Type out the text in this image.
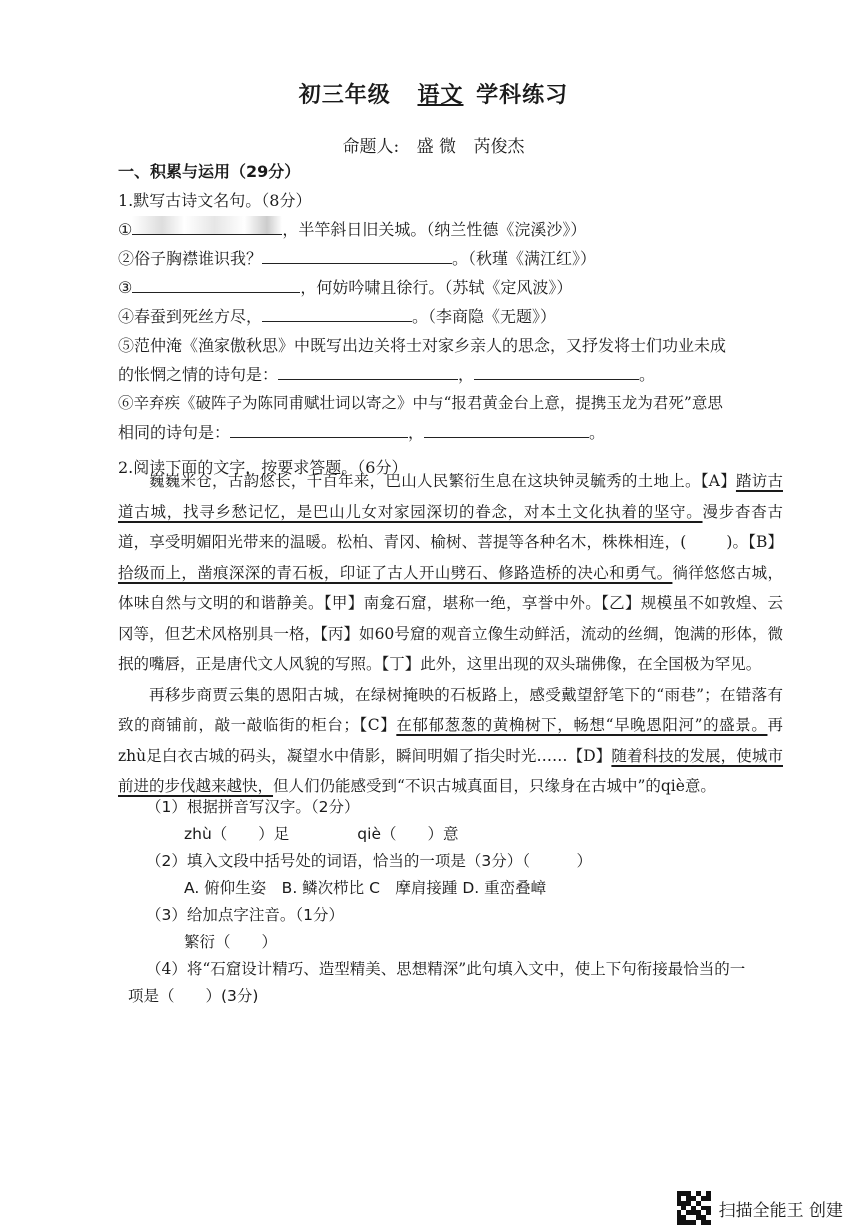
初三年级 语文 学科练习
命题人: 盛 微 芮俊杰
一、积累与运用（29分）
1.默写古诗文名句。（8分）
①	，半竿斜日旧关城。（纳兰性德《浣溪沙》）
②俗子胸襟谁识我？	。（秋瑾《满江红》）
③	，何妨吟啸且徐行。（苏轼《定风波》）
④春蚕到死丝方尽，	。（李商隐《无题》）
⑤范仲淹《渔家傲秋思》中既写出边关将士对家乡亲人的思念，又抒发将士们功业未成
的怅惘之情的诗句是：	，	。
⑥辛弃疾《破阵子为陈同甫赋壮词以寄之》中与“报君黄金台上意，提携玉龙为君死”意思
相同的诗句是：	，	。
2.阅读下面的文字，按要求答题。（6分）

巍巍米仓，古韵悠长，千百年来，巴山人民繁衍生息在这块钟灵毓秀的土地上。【A】踏访古道古城，找寻乡愁记忆，是巴山儿女对家园深切的眷念，对本土文化执着的坚守。漫步杳杳古道，享受明媚阳光带来的温暖。松柏、青冈、榆树、菩提等各种名木，株株相连，(	)。【B】拾级而上，凿痕深深的青石板，印证了古人开山劈石、修路造桥的决心和勇气。徜徉悠悠古城，体味自然与文明的和谐静美。【甲】南龛石窟，堪称一绝，享誉中外。【乙】规模虽不如敦煌、云冈等，但艺术风格别具一格，【丙】如60号窟的观音立像生动鲜活，流动的丝绸，饱满的形体，微抿的嘴唇，正是唐代文人风貌的写照。【丁】此外，这里出现的双头瑞佛像，在全国极为罕见。

再移步商贾云集的恩阳古城，在绿树掩映的石板路上，感受戴望舒笔下的“雨巷”；在错落有致的商铺前，敲一敲临街的柜台；【C】在郁郁葱葱的黄桷树下，畅想“早晚恩阳河”的盛景。再zhù足白衣古城的码头，凝望水中倩影，瞬间明媚了指尖时光……【D】随着科技的发展，使城市前进的步伐越来越快，但人们仍能感受到“不识古城真面目，只缘身在古城中”的qiè意。

（1）根据拼音写汉字。（2分）
zhù（　　）足	qiè（　　）意
（2）填入文段中括号处的词语，恰当的一项是（3分）（　　　）
A. 俯仰生姿　B. 鳞次栉比 C　摩肩接踵 D. 重峦叠嶂
（3）给加点字注音。（1分）
繁衍（　　）
（4）将“石窟设计精巧、造型精美、思想精深”此句填入文中，使上下句衔接最恰当的一
项是（　　）(3分)
扫描全能王 创建
